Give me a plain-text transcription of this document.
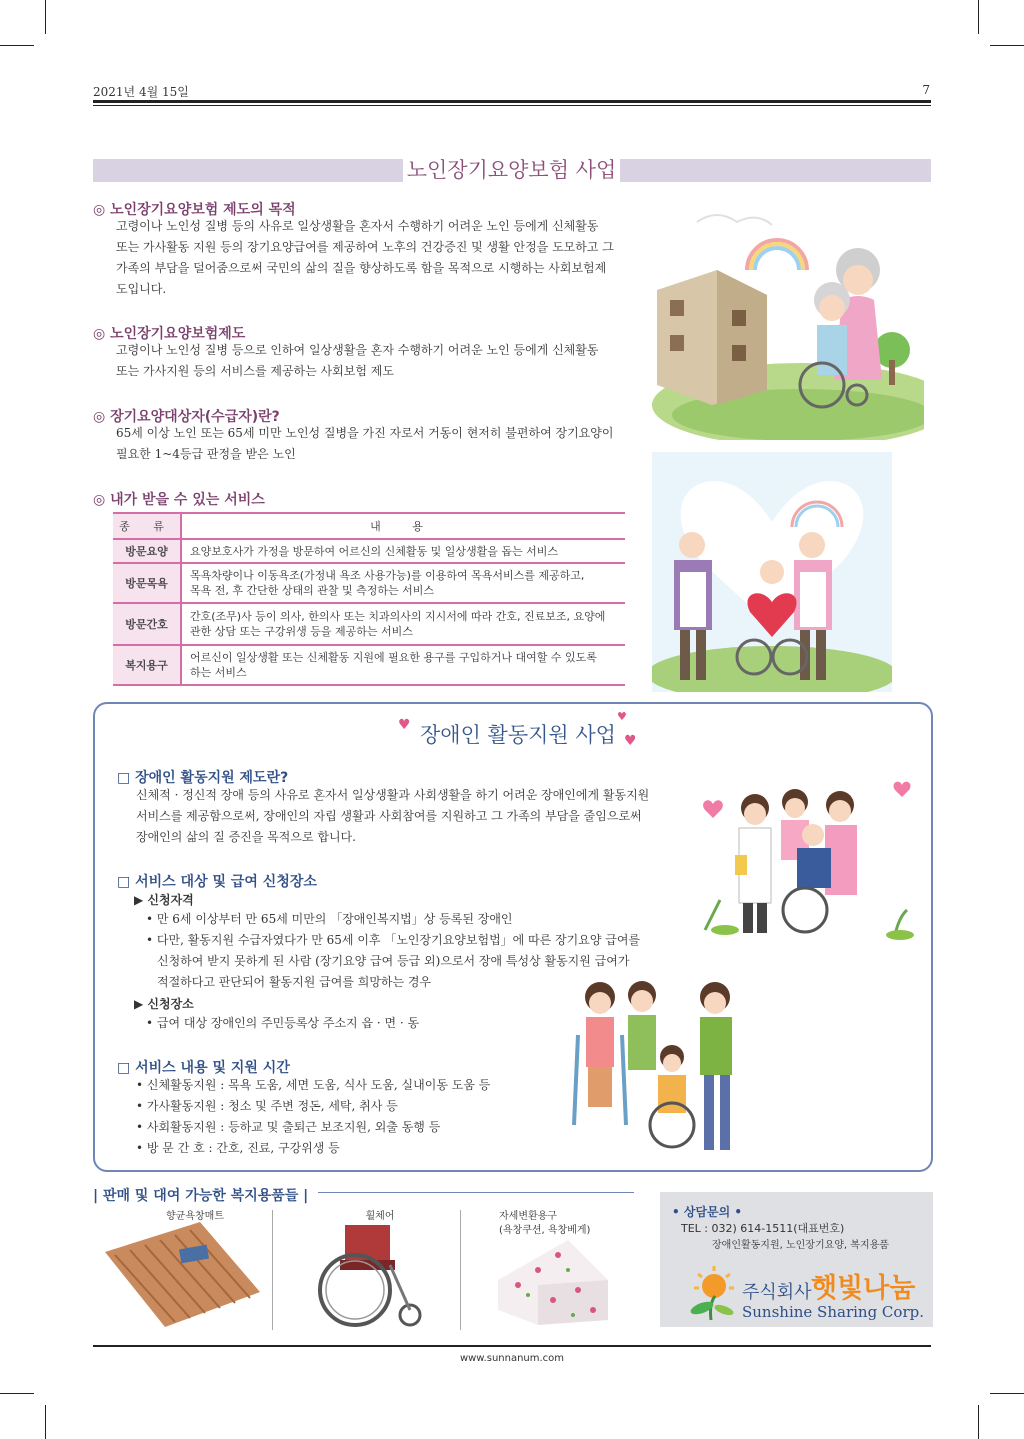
2021년 4월 15일	7
노인장기요양보험 사업
◎ 노인장기요양보험 제도의 목적
고령이나 노인성 질병 등의 사유로 일상생활을 혼자서 수행하기 어려운 노인 등에게 신체활동
또는 가사활동 지원 등의 장기요양급여를 제공하여 노후의 건강증진 및 생활 안정을 도모하고 그
가족의 부담을 덜어줌으로써 국민의 삶의 질을 향상하도록 함을 목적으로 시행하는 사회보험제
도입니다.
◎ 노인장기요양보험제도
고령이나 노인성 질병 등으로 인하여 일상생활을 혼자 수행하기 어려운 노인 등에게 신체활동
또는 가사지원 등의 서비스를 제공하는 사회보험 제도
◎ 장기요양대상자(수급자)란?
65세 이상 노인 또는 65세 미만 노인성 질병을 가진 자로서 거동이 현저히 불편하여 장기요양이
필요한 1~4등급 판정을 받은 노인
◎ 내가 받을 수 있는 서비스
종 류	내 용
방문요양	요양보호사가 가정을 방문하여 어르신의 신체활동 및 일상생활을 돕는 서비스

방문목욕	목욕차량이나 이동욕조(가정내 욕조 사용가능)를 이용하여 목욕서비스를 제공하고,
목욕 전, 후 간단한 상태의 관찰 및 측정하는 서비스

방문간호	간호(조무)사 등이 의사, 한의사 또는 치과의사의 지시서에 따라 간호, 진료보조, 요양에
관한 상담 또는 구강위생 등을 제공하는 서비스

복지용구	어르신이 일상생활 또는 신체활동 지원에 필요한 용구를 구입하거나 대여할 수 있도록
하는 서비스
♥ 장애인 활동지원 사업
♥
♥
□ 장애인 활동지원 제도란?
신체적 · 정신적 장애 등의 사유로 혼자서 일상생활과 사회생활을 하기 어려운 장애인에게 활동지원
서비스를 제공함으로써, 장애인의 자립 생활과 사회참여를 지원하고 그 가족의 부담을 줄임으로써
장애인의 삶의 질 증진을 목적으로 합니다.
□ 서비스 대상 및 급여 신청장소
▶ 신청자격
• 만 6세 이상부터 만 65세 미만의 「장애인복지법」상 등록된 장애인
• 다만, 활동지원 수급자였다가 만 65세 이후 「노인장기요양보험법」에 따른 장기요양 급여를
신청하여 받지 못하게 된 사람 (장기요양 급여 등급 외)으로서 장애 특성상 활동지원 급여가
적절하다고 판단되어 활동지원 급여를 희망하는 경우
▶ 신청장소
• 급여 대상 장애인의 주민등록상 주소지 읍 · 면 · 동
□ 서비스 내용 및 지원 시간
• 신체활동지원 : 목욕 도움, 세면 도움, 식사 도움, 실내이동 도움 등
• 가사활동지원 : 청소 및 주변 정돈, 세탁, 취사 등
• 사회활동지원 : 등하교 및 출퇴근 보조지원, 외출 동행 등
• 방 문 간 호 : 간호, 진료, 구강위생 등
| 판매 및 대여 가능한 복지용품들 |
향균욕창매트	휠체어	자세변환용구
(욕창쿠션, 욕창베게)
• 상담문의 •
TEL : 032) 614-1511(대표번호)
장애인활동지원, 노인장기요양, 복지용품
주식회사 햇빛나눔
Sunshine Sharing Corp.
www.sunnanum.com
